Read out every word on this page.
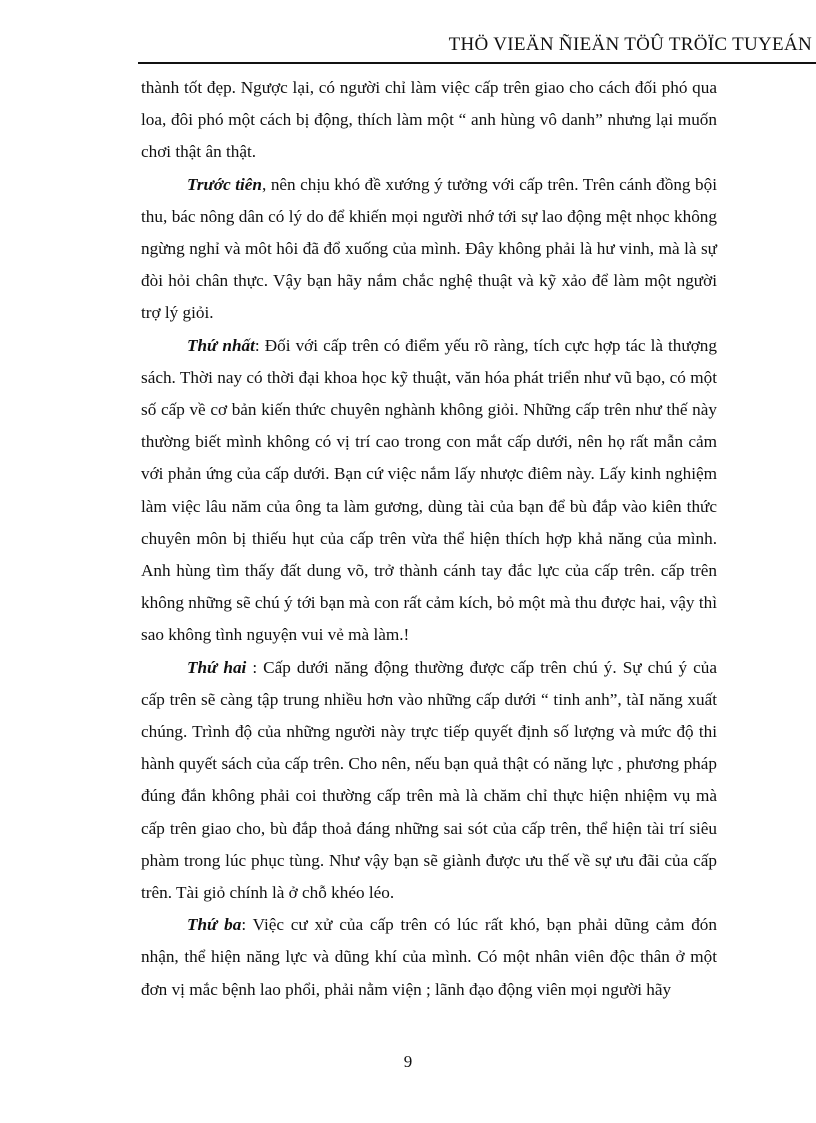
THÖ VIEÄN ÑIEÄN TÖÛ TRÖÏC TUYEÁN

thành tốt đẹp. Ngược lại, có người chỉ làm việc cấp trên giao cho cách đối phó qua loa, đôi phó một cách bị động, thích làm một “ anh hùng vô danh” nhưng lại muốn chơi thật ân thật.

Trước tiên, nên chịu khó đề xướng ý tưởng với cấp trên. Trên cánh đồng bội thu, bác nông dân có lý do để khiến mọi người nhớ tới sự lao động mệt nhọc không ngừng nghỉ và môt hôi đã đổ xuống của mình. Đây không phải là hư vinh, mà là sự đòi hỏi chân thực. Vậy bạn hãy nắm chắc nghệ thuật và kỹ xảo để làm một người trợ lý giỏi.

Thứ nhất: Đối với cấp trên có điểm yếu rõ ràng, tích cực hợp tác là thượng sách. Thời nay có thời đại khoa học kỹ thuật, văn hóa phát triển như vũ bạo, có một số cấp về cơ bản kiến thức chuyên nghành không giỏi. Những cấp trên như thế này thường biết mình không có vị trí cao trong con mắt cấp dưới, nên họ rất mẫn cảm với phản ứng của cấp dưới. Bạn cứ việc nắm lấy nhược điêm này. Lấy kinh nghiệm làm việc lâu năm của ông ta làm gương, dùng tài của bạn để bù đắp vào kiên thức chuyên môn bị thiếu hụt của cấp trên vừa thể hiện thích hợp khả năng của mình. Anh hùng tìm thấy đất dung võ, trở thành cánh tay đắc lực của cấp trên. cấp trên không những sẽ chú ý tới bạn mà con rất cảm kích, bỏ một mà thu được hai, vậy thì sao không tình nguyện vui vẻ mà làm.!

Thứ hai : Cấp dưới năng động thường được cấp trên chú ý. Sự chú ý của cấp trên sẽ càng tập trung nhiều hơn vào những cấp dưới “ tinh anh”, tàI năng xuất chúng. Trình độ của những người này trực tiếp quyết định số lượng và mức độ thi hành quyết sách của cấp trên. Cho nên, nếu bạn quả thật có năng lực , phương pháp đúng đắn không phải coi thường cấp trên mà là chăm chỉ thực hiện nhiệm vụ mà cấp trên giao cho, bù đắp thoả đáng những sai sót của cấp trên, thể hiện tài trí siêu phàm trong lúc phục tùng. Như vậy bạn sẽ giành được ưu thế về sự ưu đãi của cấp trên. Tài giỏ chính là ở chỗ khéo léo.

Thứ ba: Việc cư xử của cấp trên có lúc rất khó, bạn phải dũng cảm đón nhận, thể hiện năng lực và dũng khí của mình. Có một nhân viên độc thân ở một đơn vị mắc bệnh lao phổi, phải nằm viện ; lãnh đạo động viên mọi người hãy

9
